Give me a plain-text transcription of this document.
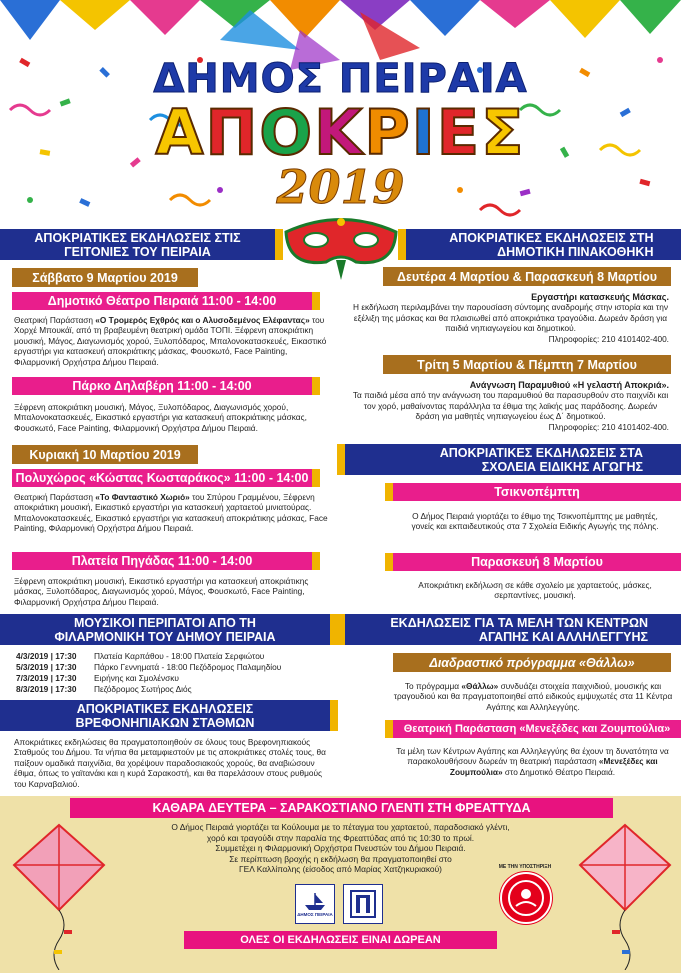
ΔΗΜΟΣ ΠΕΙΡΑΙΑ
ΑΠΟΚΡΙΕΣ
2019
ΑΠΟΚΡΙΑΤΙΚΕΣ ΕΚΔΗΛΩΣΕΙΣ ΣΤΙΣ ΓΕΙΤΟΝΙΕΣ ΤΟΥ ΠΕΙΡΑΙΑ
Σάββατο 9 Μαρτίου 2019
Δημοτικό Θέατρο Πειραιά 11:00 - 14:00
Θεατρική Παράσταση «Ο Τρομερός Εχθρός και ο Αλυσοδεμένος Ελέφαντας» του Χορχέ Μπουκάϊ, από τη βραβευμένη θεατρική ομάδα ΤΟΠΙ. Ξέφρενη αποκριάτικη μουσική, Μάγος, Διαγωνισμός χορού, Ξυλοπόδαρος, Μπαλονοκατασκευές, Εικαστικό εργαστήρι για κατασκευή αποκριάτικης μάσκας, Φουσκωτό, Face Painting, Φιλαρμονική Ορχήστρα Δήμου Πειραιά.
Πάρκο Δηλαβέρη 11:00 - 14:00
Ξέφρενη αποκριάτικη μουσική, Μάγος, Ξυλοπόδαρος, Διαγωνισμός χορού, Μπαλονοκατασκευές, Εικαστικό εργαστήρι για κατασκευή αποκριάτικης μάσκας, Φουσκωτό, Face Painting, Φιλαρμονική Ορχήστρα Δήμου Πειραιά.
Κυριακή 10 Μαρτίου 2019
Πολυχώρος «Κώστας Κωσταράκος» 11:00 - 14:00
Θεατρική Παράσταση «Το Φανταστικό Χωριό» του Σπύρου Γραμμένου, Ξέφρενη αποκριάτικη μουσική, Εικαστικό εργαστήρι για κατασκευή χαρταετού μινιατούρας. Μπαλονοκατασκευές, Εικαστικό εργαστήρι για κατασκευή αποκριάτικης μάσκας, Face Painting, Φιλαρμονική Ορχήστρα Δήμου Πειραιά.
Πλατεία Πηγάδας 11:00 - 14:00
Ξέφρενη αποκριάτικη μουσική, Εικαστικό εργαστήρι για κατασκευή αποκριάτικης μάσκας, Ξυλοπόδαρος, Διαγωνισμός χορού, Μάγος, Φουσκωτό, Face Painting, Φιλαρμονική Ορχήστρα Δήμου Πειραιά.
ΜΟΥΣΙΚΟΙ ΠΕΡΙΠΑΤΟΙ ΑΠΟ ΤΗ ΦΙΛΑΡΜΟΝΙΚΗ ΤΟΥ ΔΗΜΟΥ ΠΕΙΡΑΙΑ
4/3/2019 | 17:30 Πλατεία Καρπάθου - 18:00 Πλατεία Σερφιώτου
5/3/2019 | 17:30 Πάρκο Γεννηματά - 18:00 Πεζόδρομος Παλαμηδίου
7/3/2019 | 17:30 Ειρήνης και Σμολένσκυ
8/3/2019 | 17:30 Πεζόδρομος Σωτήρος Διός
ΑΠΟΚΡΙΑΤΙΚΕΣ ΕΚΔΗΛΩΣΕΙΣ ΒΡΕΦΟΝΗΠΙΑΚΩΝ ΣΤΑΘΜΩΝ
Αποκριάτικες εκδηλώσεις θα πραγματοποιηθούν σε όλους τους Βρεφονηπιακούς Σταθμούς του Δήμου. Τα νήπια θα μεταμφιεστούν με τις αποκριάτικες στολές τους, θα παίξουν ομαδικά παιχνίδια, θα χορέψουν παραδοσιακούς χορούς, θα αναβιώσουν έθιμα, όπως το γαϊτανάκι και η κυρά Σαρακοστή, και θα παρελάσουν στους ρυθμούς του Καρναβαλιού.
ΑΠΟΚΡΙΑΤΙΚΕΣ ΕΚΔΗΛΩΣΕΙΣ ΣΤΗ ΔΗΜΟΤΙΚΗ ΠΙΝΑΚΟΘΗΚΗ
Δευτέρα 4 Μαρτίου & Παρασκευή 8 Μαρτίου
Εργαστήρι κατασκευής Μάσκας.
Η εκδήλωση περιλαμβάνει την παρουσίαση σύντομης αναδρομής στην ιστορία και την εξέλιξη της μάσκας και θα πλαισιωθεί από αποκριάτικα τραγούδια. Δωρεάν δράση για παιδιά νηπιαγωγείου και δημοτικού.
Πληροφορίες: 210 4101402-400.
Τρίτη 5 Μαρτίου & Πέμπτη 7 Μαρτίου
Ανάγνωση Παραμυθιού «Η γελαστή Αποκριά».
Τα παιδιά μέσα από την ανάγνωση του παραμυθιού θα παρασυρθούν στο παιχνίδι και τον χορό, μαθαίνοντας παράλληλα τα έθιμα της λαϊκής μας παράδοσης. Δωρεάν δράση για μαθητές νηπιαγωγείου έως Δ΄ δημοτικού.
Πληροφορίες: 210 4101402-400.
ΑΠΟΚΡΙΑΤΙΚΕΣ ΕΚΔΗΛΩΣΕΙΣ ΣΤΑ ΣΧΟΛΕΙΑ ΕΙΔΙΚΗΣ ΑΓΩΓΗΣ
Τσικνοπέμπτη
Ο Δήμος Πειραιά γιορτάζει το έθιμο της Τσικνοπέμπτης με μαθητές, γονείς και εκπαιδευτικούς στα 7 Σχολεία Ειδικής Αγωγής της πόλης.
Παρασκευή 8 Μαρτίου
Αποκριάτικη εκδήλωση σε κάθε σχολείο με χαρταετούς, μάσκες, σερπαντίνες, μουσική.
ΕΚΔΗΛΩΣΕΙΣ ΓΙΑ ΤΑ ΜΕΛΗ ΤΩΝ ΚΕΝΤΡΩΝ ΑΓΑΠΗΣ ΚΑΙ ΑΛΛΗΛΕΓΓΥΗΣ
Διαδραστικό πρόγραμμα «Θάλλω»
Το πρόγραμμα «Θάλλω» συνδυάζει στοιχεία παιχνιδιού, μουσικής και τραγουδιού και θα πραγματοποιηθεί από ειδικούς εμψυχωτές στα 11 Κέντρα Αγάπης και Αλληλεγγύης.
Θεατρική Παράσταση «Μενεξέδες και Ζουμπούλια»
Τα μέλη των Κέντρων Αγάπης και Αλληλεγγύης θα έχουν τη δυνατότητα να παρακολουθήσουν δωρεάν τη θεατρική παράσταση «Μενεξέδες και Ζουμπούλια» στο Δημοτικό Θέατρο Πειραιά.
ΚΑΘΑΡΑ ΔΕΥΤΕΡΑ – ΣΑΡΑΚΟΣΤΙΑΝΟ ΓΛΕΝΤΙ ΣΤΗ ΦΡΕΑΤΤΥΔΑ
Ο Δήμος Πειραιά γιορτάζει τα Κούλουμα με το πέταγμα του χαρταετού, παραδοσιακό γλέντι,
χορό και τραγούδι στην παραλία της Φρεαττύδας από τις 10:30 το πρωί.
Συμμετέχει η Φιλαρμονική Ορχήστρα Πνευστών του Δήμου Πειραιά.
Σε περίπτωση βροχής η εκδήλωση θα πραγματοποιηθεί στο
ΓΕΛ Καλλίπολης (είσοδος από Μαρίας Χατζηκυριακού)
ΔΗΜΟΣ ΠΕΙΡΑΙΑ
ΜΕ ΤΗΝ ΥΠΟΣΤΗΡΙΞΗ
ΟΛΕΣ ΟΙ ΕΚΔΗΛΩΣΕΙΣ ΕΙΝΑΙ ΔΩΡΕΑΝ
